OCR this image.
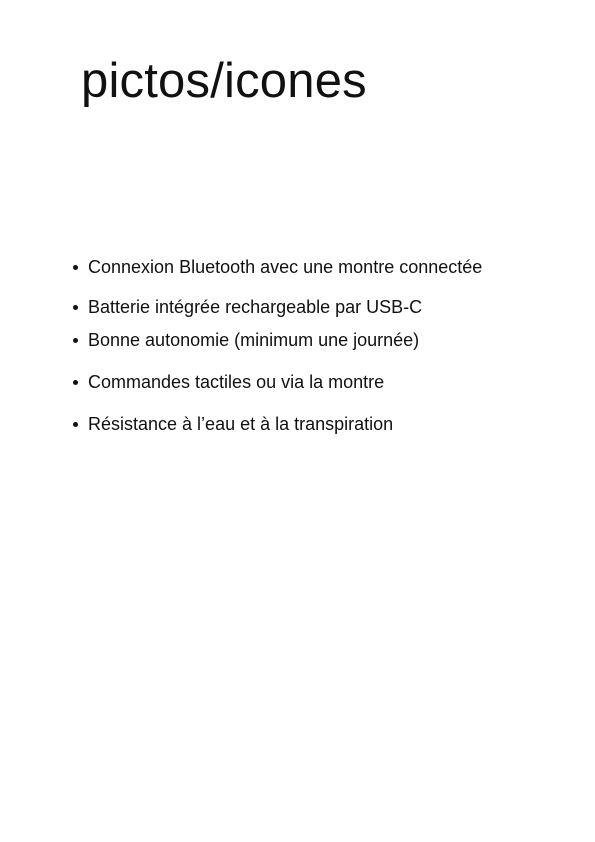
pictos/icones
Connexion Bluetooth avec une montre connectée
Batterie intégrée rechargeable par USB-C
Bonne autonomie (minimum une journée)
Commandes tactiles ou via la montre
Résistance à l’eau et à la transpiration
